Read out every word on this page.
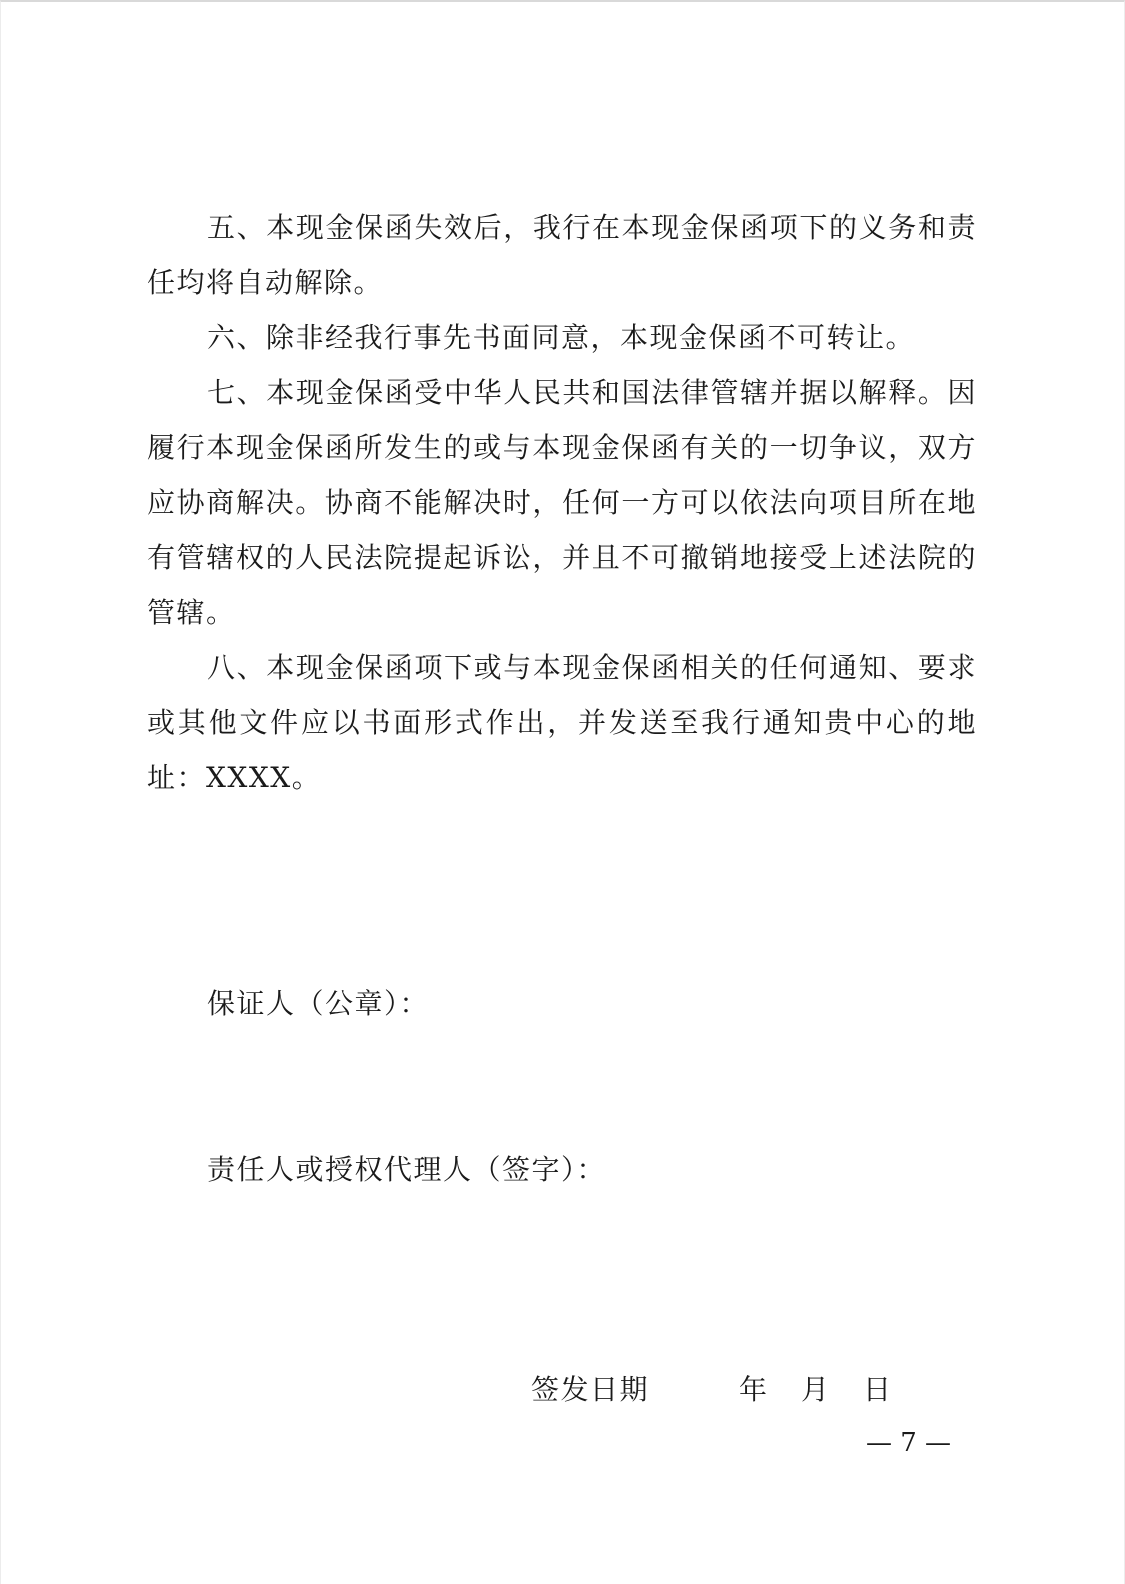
五、本现金保函失效后，我行在本现金保函项下的义务和责任均将自动解除。

六、除非经我行事先书面同意，本现金保函不可转让。

七、本现金保函受中华人民共和国法律管辖并据以解释。因履行本现金保函所发生的或与本现金保函有关的一切争议，双方应协商解决。协商不能解决时，任何一方可以依法向项目所在地有管辖权的人民法院提起诉讼，并且不可撤销地接受上述法院的管辖。

八、本现金保函项下或与本现金保函相关的任何通知、要求或其他文件应以书面形式作出，并发送至我行通知贵中心的地址：XXXX。

保证人（公章）：

责任人或授权代理人（签字）：

签发日期	年 月 日

— 7 —
